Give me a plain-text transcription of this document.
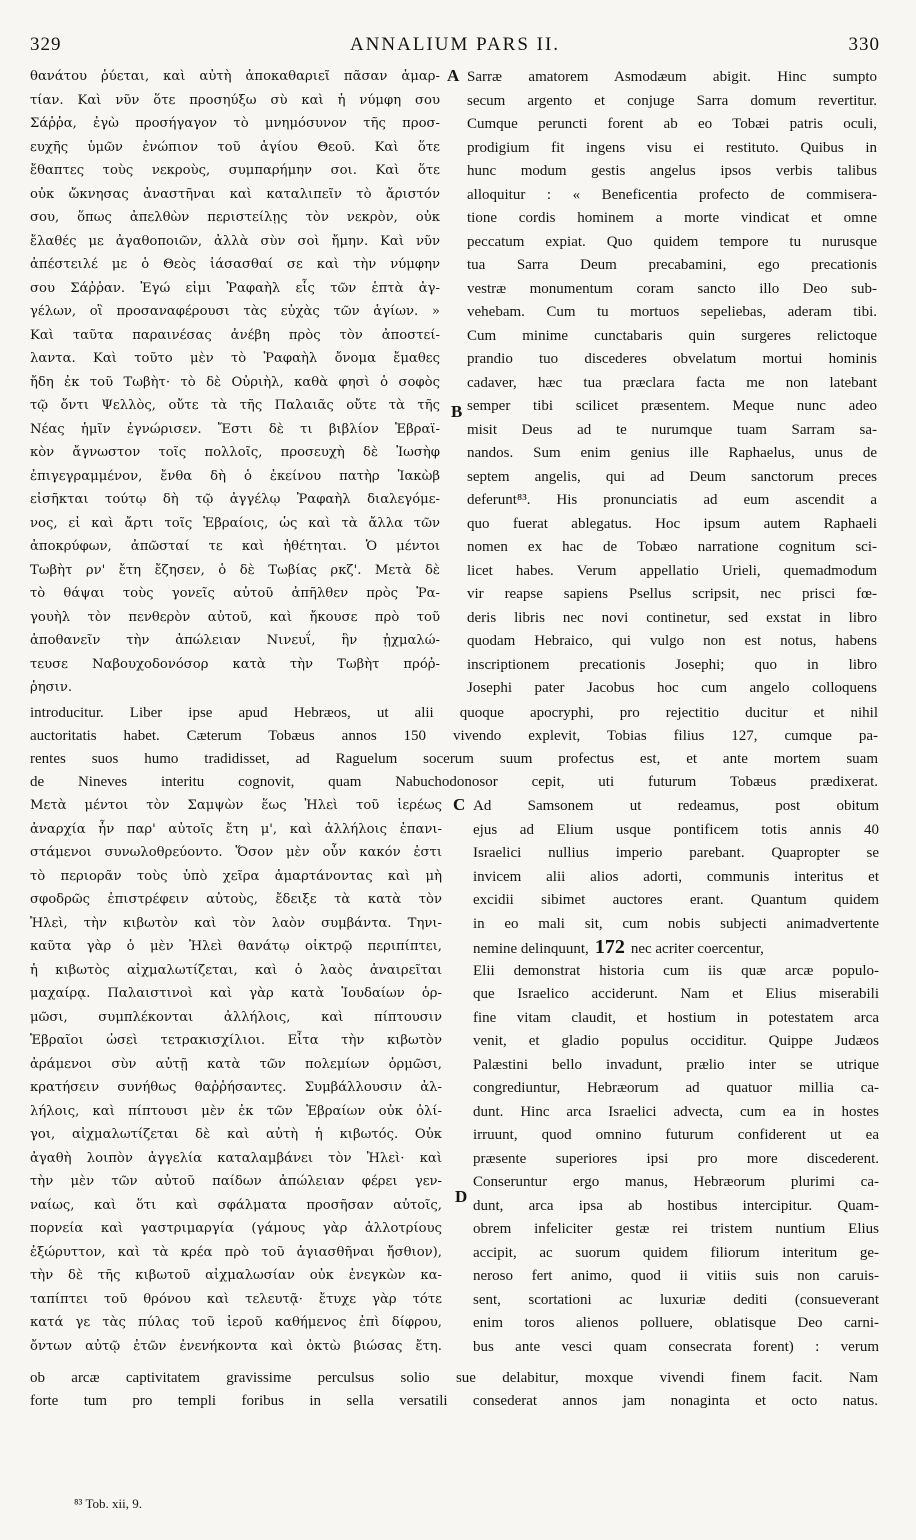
329	ANNALIUM PARS II.	330
θανάτου ῥύεται, καὶ αὐτὴ ἀποκαθαριεῖ πᾶσαν ἁμαρ-
τίαν. Καὶ νῦν ὅτε προσηύξω σὺ καὶ ἡ νύμφη σου
Σάῤῥα, ἐγὼ προσήγαγον τὸ μνημόσυνον τῆς προσ-
ευχῆς ὑμῶν ἐνώπιον τοῦ ἁγίου Θεοῦ. Καὶ ὅτε
ἔθαπτες τοὺς νεκροὺς, συμπαρήμην σοι. Καὶ ὅτε
οὐκ ὤκνησας ἀναστῆναι καὶ καταλιπεῖν τὸ ἄριστόν
σου, ὅπως ἀπελθὼν περιστείλῃς τὸν νεκρὸν, οὐκ
ἔλαθές με ἀγαθοποιῶν, ἀλλὰ σὺν σοὶ ἤμην. Καὶ νῦν
ἀπέστειλέ με ὁ Θεὸς ἰάσασθαί σε καὶ τὴν νύμφην
σου Σάῤῥαν. Ἐγώ εἰμι Ῥαφαὴλ εἷς τῶν ἑπτὰ ἀγ-
γέλων, οἳ προσαναφέρουσι τὰς εὐχὰς τῶν ἁγίων. »
Καὶ ταῦτα παραινέσας ἀνέβη πρὸς τὸν ἀποστεί-
λαντα. Καὶ τοῦτο μὲν τὸ Ῥαφαὴλ ὄνομα ἔμαθες
ἤδη ἐκ τοῦ Τωβὴτ· τὸ δὲ Οὐριὴλ, καθὰ φησὶ ὁ σοφὸς
τῷ ὄντι Ψελλὸς, οὔτε τὰ τῆς Παλαιᾶς οὔτε τὰ τῆς
Νέας ἡμῖν ἐγνώρισεν. Ἔστι δὲ τι βιβλίον Ἑβραϊ-
κὸν ἄγνωστον τοῖς πολλοῖς, προσευχὴ δὲ Ἰωσὴφ
ἐπιγεγραμμένον, ἔνθα δὴ ὁ ἐκείνου πατὴρ Ἰακὼβ
εἰσῆκται τούτῳ δὴ τῷ ἀγγέλῳ Ῥαφαὴλ διαλεγόμε-
νος, εἰ καὶ ἄρτι τοῖς Ἑβραίοις, ὡς καὶ τὰ ἄλλα τῶν
ἀποκρύφων, ἀπῶσταί τε καὶ ἠθέτηται. Ὁ μέντοι
Τωβὴτ ρν' ἔτη ἔζησεν, ὁ δὲ Τωβίας ρκζ'. Μετὰ δὲ
τὸ θάψαι τοὺς γονεῖς αὐτοῦ ἀπῆλθεν πρὸς Ῥα-
γουὴλ τὸν πενθερὸν αὐτοῦ, καὶ ἤκουσε πρὸ τοῦ
ἀποθανεῖν τὴν ἀπώλειαν Νινευΐ, ἣν ᾐχμαλώ-
τευσε Ναβουχοδονόσορ κατὰ τὴν Τωβὴτ πρόῤ-
ῥησιν.
Sarræ amatorem Asmodæum abigit. Hinc sumpto
secum argento et conjuge Sarra domum revertitur.
Cumque peruncti forent ab eo Tobæi patris oculi,
prodigium fit ingens visu ei restituto. Quibus in
hunc modum gestis angelus ipsos verbis talibus
alloquitur : « Beneficentia profecto de commisera-
tione cordis hominem a morte vindicat et omne
peccatum expiat. Quo quidem tempore tu nurusque
tua Sarra Deum precabamini, ego precationis
vestræ monumentum coram sancto illo Deo sub-
vehebam. Cum tu mortuos sepeliebas, aderam tibi.
Cum minime cunctabaris quin surgeres relictoque
prandio tuo discederes obvelatum mortui hominis
cadaver, hæc tua præclara facta me non latebant
semper tibi scilicet præsentem. Meque nunc adeo
misit Deus ad te nurumque tuam Sarram sa-
nandos. Sum enim genius ille Raphaelus, unus de
septem angelis, qui ad Deum sanctorum preces
deferunt⁸³. His pronunciatis ad eum ascendit a
quo fuerat ablegatus. Hoc ipsum autem Raphaeli
nomen ex hac de Tobæo narratione cognitum sci-
licet habes. Verum appellatio Urieli, quemadmodum
vir reapse sapiens Psellus scripsit, nec prisci fœ-
deris libris nec novi continetur, sed exstat in libro
quodam Hebraico, qui vulgo non est notus, habens
inscriptionem precationis Josephi; quo in libro
Josephi pater Jacobus hoc cum angelo colloquens
introducitur. Liber ipse apud Hebræos, ut alii quoque apocryphi, pro rejectitio ducitur et nihil
auctoritatis habet. Cæterum Tobæus annos 150 vivendo explevit, Tobias filius 127, cumque pa-
rentes suos humo tradidisset, ad Raguelum socerum suum profectus est, et ante mortem suam
de Nineves interitu cognovit, quam Nabuchodonosor cepit, uti futurum Tobæus prædixerat.
Μετὰ μέντοι τὸν Σαμψὼν ἕως Ἠλεὶ τοῦ ἱερέως
ἀναρχία ἦν παρ' αὐτοῖς ἔτη μ', καὶ ἀλλήλοις ἐπανι-
στάμενοι συνωλοθρεύοντο. Ὅσον μὲν οὖν κακόν ἐστι
τὸ περιορᾶν τοὺς ὑπὸ χεῖρα ἁμαρτάνοντας καὶ μὴ
σφοδρῶς ἐπιστρέφειν αὐτοὺς, ἔδειξε τὰ κατὰ τὸν
Ἠλεὶ, τὴν κιβωτὸν καὶ τὸν λαὸν συμβάντα. Τηνι-
καῦτα γὰρ ὁ μὲν Ἠλεὶ θανάτῳ οἰκτρῷ περιπίπτει,
ἡ κιβωτὸς αἰχμαλωτίζεται, καὶ ὁ λαὸς ἀναιρεῖται
μαχαίρᾳ. Παλαιστινοὶ καὶ γὰρ κατὰ Ἰουδαίων ὁρ-
μῶσι, συμπλέκονται ἀλλήλοις, καὶ πίπτουσιν
Ἑβραῖοι ὡσεὶ τετρακισχίλιοι. Εἶτα τὴν κιβωτὸν
ἀράμενοι σὺν αὐτῇ κατὰ τῶν πολεμίων ὁρμῶσι,
κρατήσειν συνήθως θαῤῥήσαντες. Συμβάλλουσιν ἀλ-
λήλοις, καὶ πίπτουσι μὲν ἐκ τῶν Ἑβραίων οὐκ ὀλί-
γοι, αἰχμαλωτίζεται δὲ καὶ αὐτὴ ἡ κιβωτός. Οὐκ
ἀγαθὴ λοιπὸν ἀγγελία καταλαμβάνει τὸν Ἠλεὶ· καὶ
τὴν μὲν τῶν αὐτοῦ παίδων ἀπώλειαν φέρει γεν-
ναίως, καὶ ὅτι καὶ σφάλματα προσῆσαν αὐτοῖς,
πορνεία καὶ γαστριμαργία (γάμους γὰρ ἀλλοτρίους
ἐξώρυττον, καὶ τὰ κρέα πρὸ τοῦ ἁγιασθῆναι ἤσθιον),
τὴν δὲ τῆς κιβωτοῦ αἰχμαλωσίαν οὐκ ἐνεγκὼν κα-
ταπίπτει τοῦ θρόνου καὶ τελευτᾷ· ἔτυχε γὰρ τότε
κατά γε τὰς πύλας τοῦ ἱεροῦ καθήμενος ἐπὶ δίφρου,
ὄντων αὐτῷ ἐτῶν ἐνενήκοντα καὶ ὀκτὼ βιώσας ἔτη.
Ad Samsonem ut redeamus, post obitum
ejus ad Elium usque pontificem totis annis 40
Israelici nullius imperio parebant. Quapropter se
invicem alii alios adorti, communis interitus et
excidii sibimet auctores erant. Quantum quidem
in eo mali sit, cum nobis subjecti animadvertente
nemine delinquunt, 172 nec acriter coercentur,
Elii demonstrat historia cum iis quæ arcæ populo-
que Israelico acciderunt. Nam et Elius miserabili
fine vitam claudit, et hostium in potestatem arca
venit, et gladio populus occiditur. Quippe Judæos
Palæstini bello invadunt, prælio inter se utrique
congrediuntur, Hebræorum ad quatuor millia ca-
dunt. Hinc arca Israelici advecta, cum ea in hostes
irruunt, quod omnino futurum confiderent ut ea
præsente superiores ipsi pro more discederent.
Conseruntur ergo manus, Hebræorum plurimi ca-
dunt, arca ipsa ab hostibus intercipitur. Quam-
obrem infeliciter gestæ rei tristem nuntium Elius
accipit, ac suorum quidem filiorum interitum ge-
neroso fert animo, quod ii vitiis suis non caruis-
sent, scortationi ac luxuriæ dediti (consueverant
enim toros alienos polluere, oblatisque Deo carni-
bus ante vesci quam consecrata forent) : verum
ob arcæ captivitatem gravissime perculsus solio sue delabitur, moxque vivendi finem facit. Nam
forte tum pro templi foribus in sella versatili consederat annos jam nonaginta et octo natus.
A
B
C
D
⁸³ Tob. xii, 9.
